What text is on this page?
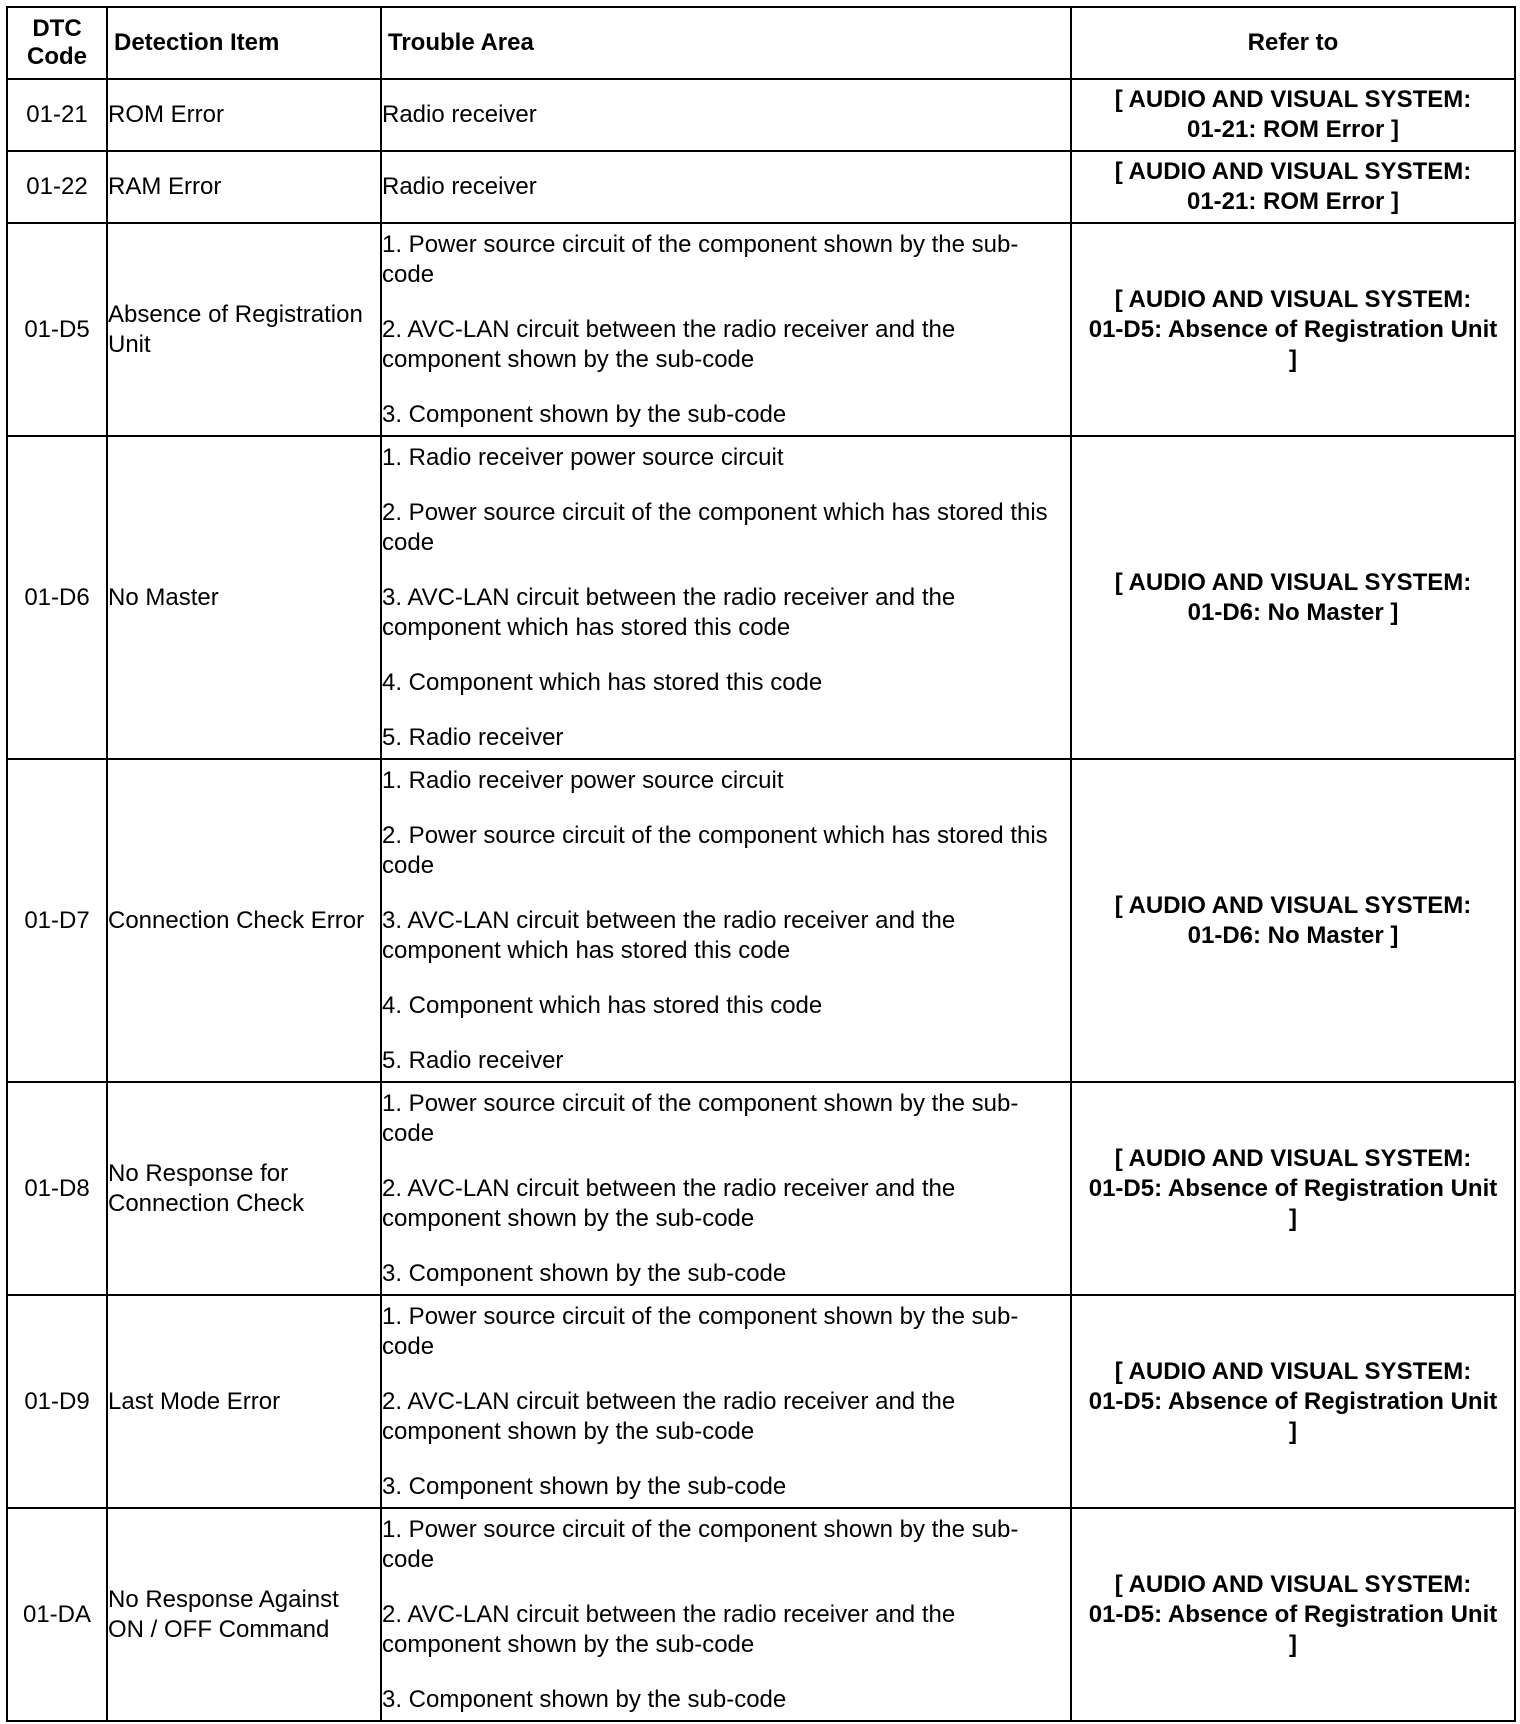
DTC
Code	Detection Item	Trouble Area	Refer to
01-21	ROM Error	Radio receiver	[ AUDIO AND VISUAL SYSTEM:
01-21: ROM Error ]

01-22	RAM Error	Radio receiver	[ AUDIO AND VISUAL SYSTEM:
01-21: ROM Error ]

01-D5	Absence of Registration Unit	1. Power source circuit of the component shown by the sub-code
2. AVC-LAN circuit between the radio receiver and the component shown by the sub-code
3. Component shown by the sub-code	[ AUDIO AND VISUAL SYSTEM:
01-D5: Absence of Registration Unit
]

01-D6	No Master	1. Radio receiver power source circuit
2. Power source circuit of the component which has stored this code
3. AVC-LAN circuit between the radio receiver and the component which has stored this code
4. Component which has stored this code
5. Radio receiver	[ AUDIO AND VISUAL SYSTEM:
01-D6: No Master ]

01-D7	Connection Check Error	1. Radio receiver power source circuit
2. Power source circuit of the component which has stored this code
3. AVC-LAN circuit between the radio receiver and the component which has stored this code
4. Component which has stored this code
5. Radio receiver	[ AUDIO AND VISUAL SYSTEM:
01-D6: No Master ]

01-D8	No Response for Connection Check	1. Power source circuit of the component shown by the sub-code
2. AVC-LAN circuit between the radio receiver and the component shown by the sub-code
3. Component shown by the sub-code	[ AUDIO AND VISUAL SYSTEM:
01-D5: Absence of Registration Unit
]

01-D9	Last Mode Error	1. Power source circuit of the component shown by the sub-code
2. AVC-LAN circuit between the radio receiver and the component shown by the sub-code
3. Component shown by the sub-code	[ AUDIO AND VISUAL SYSTEM:
01-D5: Absence of Registration Unit
]

01-DA	No Response Against ON / OFF Command	1. Power source circuit of the component shown by the sub-code
2. AVC-LAN circuit between the radio receiver and the component shown by the sub-code
3. Component shown by the sub-code	[ AUDIO AND VISUAL SYSTEM:
01-D5: Absence of Registration Unit
]
